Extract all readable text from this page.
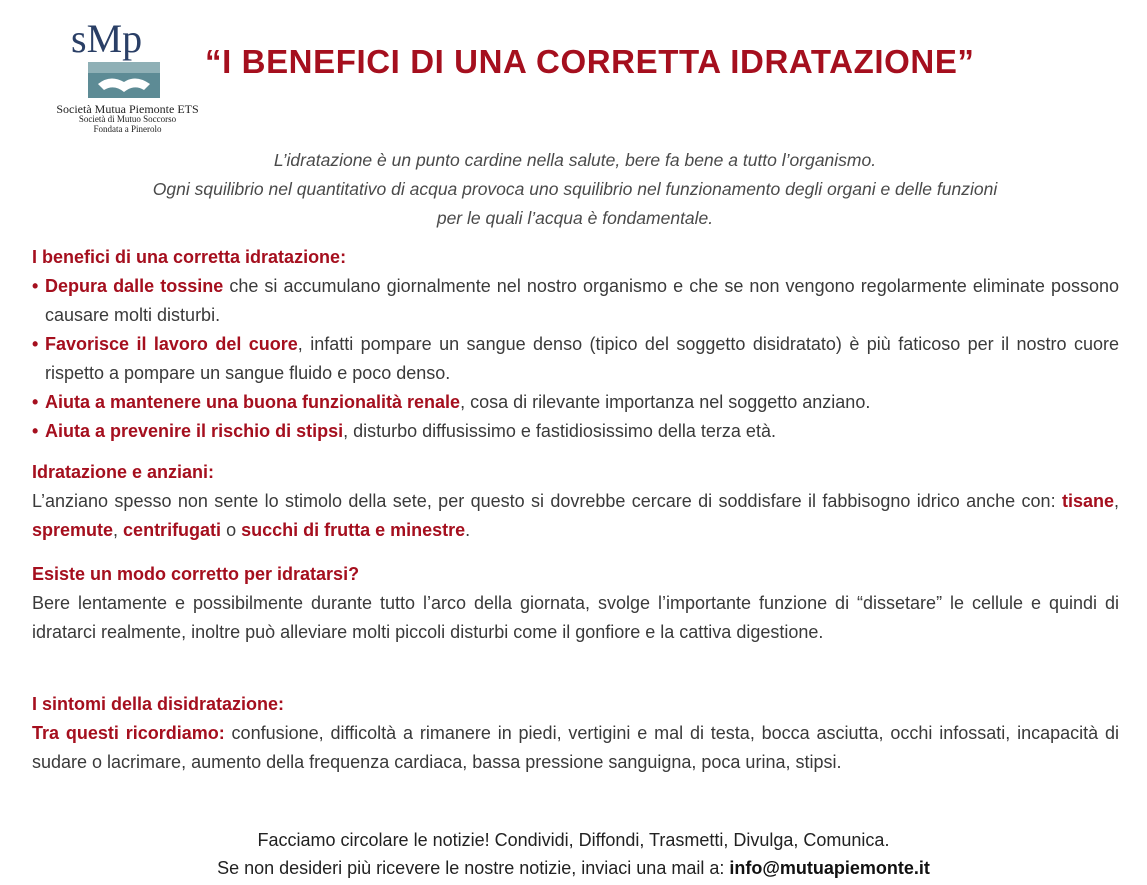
sMp
Società Mutua Piemonte ETS
Società di Mutuo Soccorso
Fondata a Pinerolo
“I BENEFICI DI UNA CORRETTA IDRATAZIONE”
L’idratazione è un punto cardine nella salute, bere fa bene a tutto l’organismo.
Ogni squilibrio nel quantitativo di acqua provoca uno squilibrio nel funzionamento degli organi e delle funzioni
per le quali l’acqua è fondamentale.
I benefici di una corretta idratazione:
• Depura dalle tossine che si accumulano giornalmente nel nostro organismo e che se non vengono regolarmente eliminate possono causare molti disturbi.
• Favorisce il lavoro del cuore, infatti pompare un sangue denso (tipico del soggetto disidratato) è più faticoso per il nostro cuore rispetto a pompare un sangue fluido e poco denso.
• Aiuta a mantenere una buona funzionalità renale, cosa di rilevante importanza nel soggetto anziano.
• Aiuta a prevenire il rischio di stipsi, disturbo diffusissimo e fastidiosissimo della terza età.
Idratazione e anziani:
L’anziano spesso non sente lo stimolo della sete, per questo si dovrebbe cercare di soddisfare il fabbisogno idrico anche con: tisane, spremute, centrifugati o succhi di frutta e minestre.
Esiste un modo corretto per idratarsi?
Bere lentamente e possibilmente durante tutto l’arco della giornata, svolge l’importante funzione di “dissetare” le cellule e quindi di idratarci realmente, inoltre può alleviare molti piccoli disturbi come il gonfiore e la cattiva digestione.
I sintomi della disidratazione:
Tra questi ricordiamo: confusione, difficoltà a rimanere in piedi, vertigini e mal di testa, bocca asciutta, occhi infossati, incapacità di sudare o lacrimare, aumento della frequenza cardiaca, bassa pressione sanguigna, poca urina, stipsi.
Facciamo circolare le notizie! Condividi, Diffondi, Trasmetti, Divulga, Comunica.
Se non desideri più ricevere le nostre notizie, inviaci una mail a: info@mutuapiemonte.it
